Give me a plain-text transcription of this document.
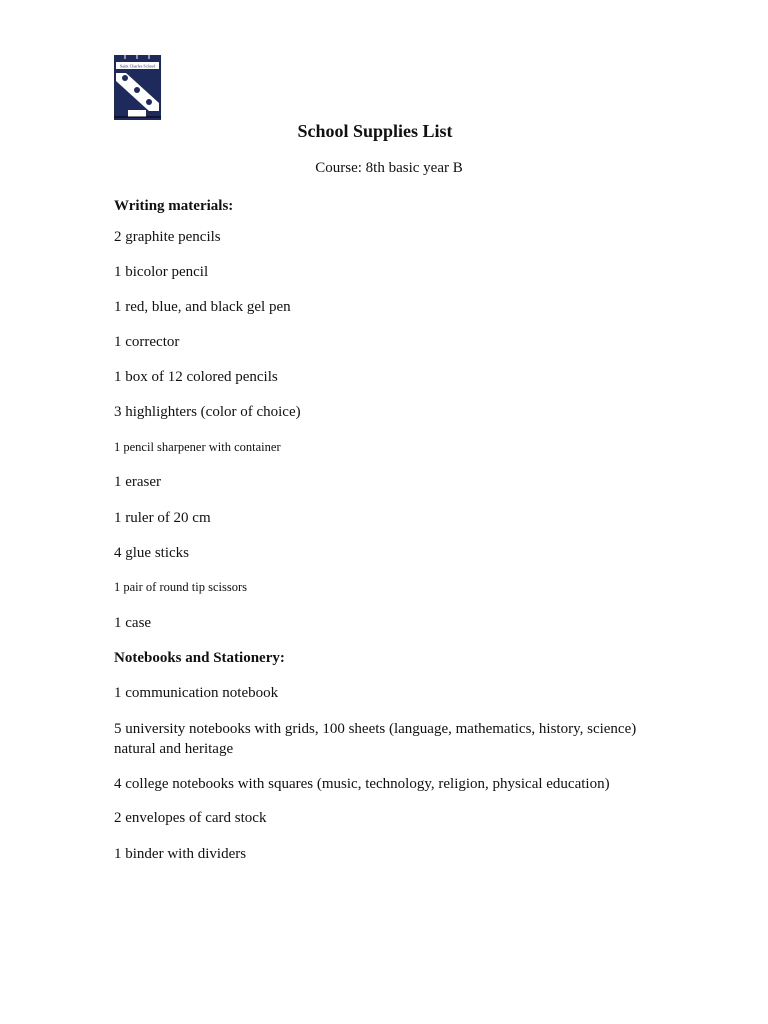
Saint Charles School
School Supplies List
Course: 8th basic year B
Writing materials:
2 graphite pencils
1 bicolor pencil
1 red, blue, and black gel pen
1 corrector
1 box of 12 colored pencils
3 highlighters (color of choice)
1 pencil sharpener with container
1 eraser
1 ruler of 20 cm
4 glue sticks
1 pair of round tip scissors
1 case
Notebooks and Stationery:
1 communication notebook
5 university notebooks with grids, 100 sheets (language, mathematics, history, science) natural and heritage
4 college notebooks with squares (music, technology, religion, physical education)
2 envelopes of card stock
1 binder with dividers
